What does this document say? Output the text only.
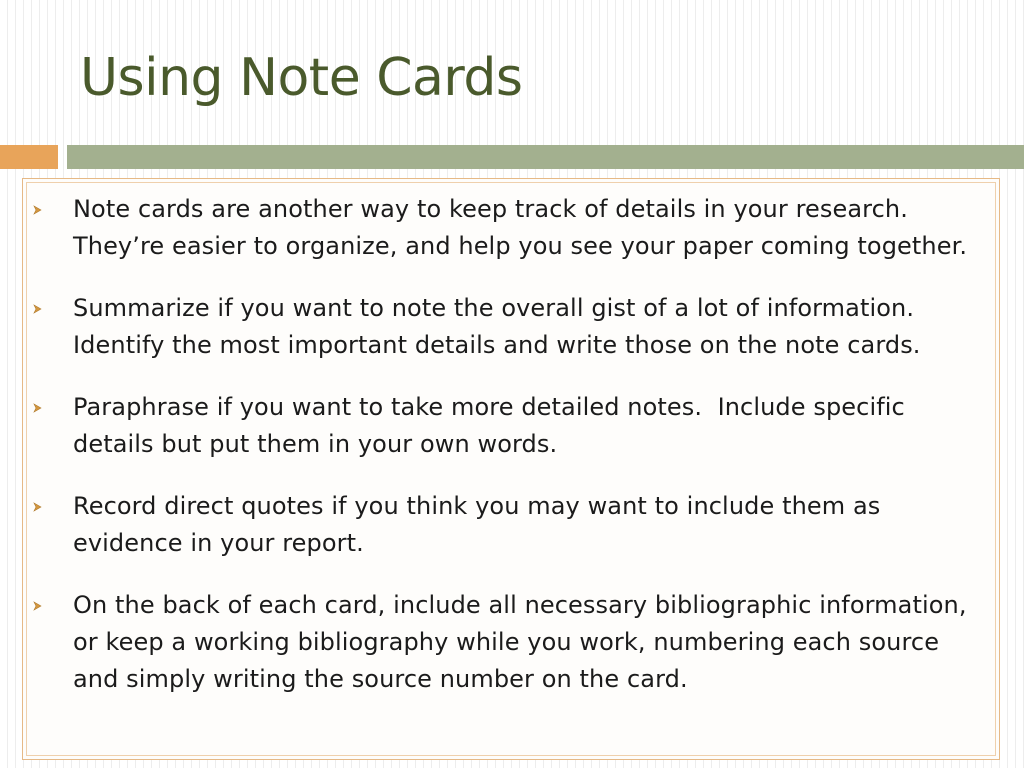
Using Note Cards
Note cards are another way to keep track of details in your research. They’re easier to organize, and help you see your paper coming together.
Summarize if you want to note the overall gist of a lot of information. Identify the most important details and write those on the note cards.
Paraphrase if you want to take more detailed notes.  Include specific details but put them in your own words.
Record direct quotes if you think you may want to include them as evidence in your report.
On the back of each card, include all necessary bibliographic information, or keep a working bibliography while you work, numbering each source and simply writing the source number on the card.
